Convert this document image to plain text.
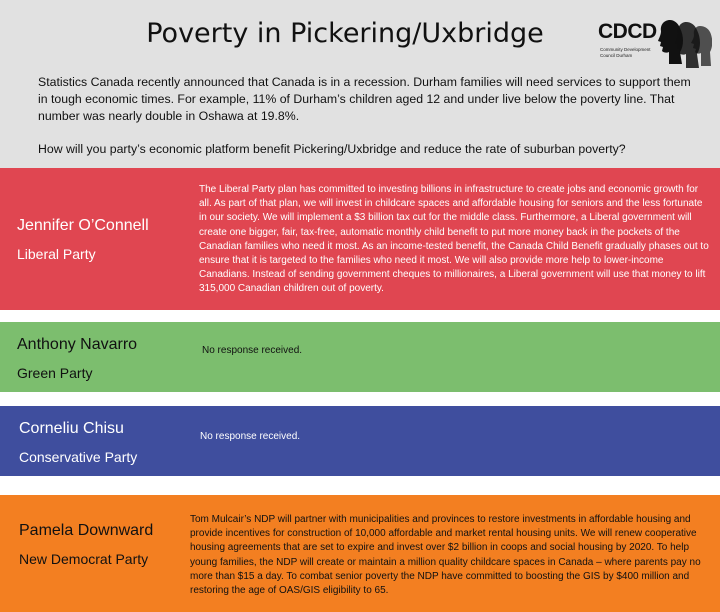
Poverty in Pickering/Uxbridge	CDCD
Community Development
Council Durham
Statistics Canada recently announced that Canada is in a recession. Durham families will need services to support them in tough economic times. For example, 11% of Durham’s children aged 12 and under live below the poverty line. That number was nearly double in Oshawa at 19.8%.
How will you party’s economic platform benefit Pickering/Uxbridge and reduce the rate of suburban poverty?
Jennifer O’Connell
Liberal Party
The Liberal Party plan has committed to investing billions in infrastructure to create jobs and economic growth for all. As part of that plan, we will invest in childcare spaces and affordable housing for seniors and the less fortunate in our society. We will implement a $3 billion tax cut for the middle class. Furthermore, a Liberal government will create one bigger, fair, tax-free, automatic monthly child benefit to put more money back in the pockets of the Canadian families who need it most. As an income-tested benefit, the Canada Child Benefit gradually phases out to ensure that it is targeted to the families who need it most. We will also provide more help to lower-income Canadians. Instead of sending government cheques to millionaires, a Liberal government will use that money to lift 315,000 Canadian children out of poverty.
Anthony Navarro
Green Party
No response received.
Corneliu Chisu
Conservative Party
No response received.
Pamela Downward
New Democrat Party
Tom Mulcair’s NDP will partner with municipalities and provinces to restore investments in affordable housing and provide incentives for construction of 10,000 affordable and market rental housing units. We will renew cooperative housing agreements that are set to expire and invest over $2 billion in coops and social housing by 2020. To help young families, the NDP will create or maintain a million quality childcare spaces in Canada – where parents pay no more than $15 a day. To combat senior poverty the NDP have committed to boosting the GIS by $400 million and restoring the age of OAS/GIS eligibility to 65.
